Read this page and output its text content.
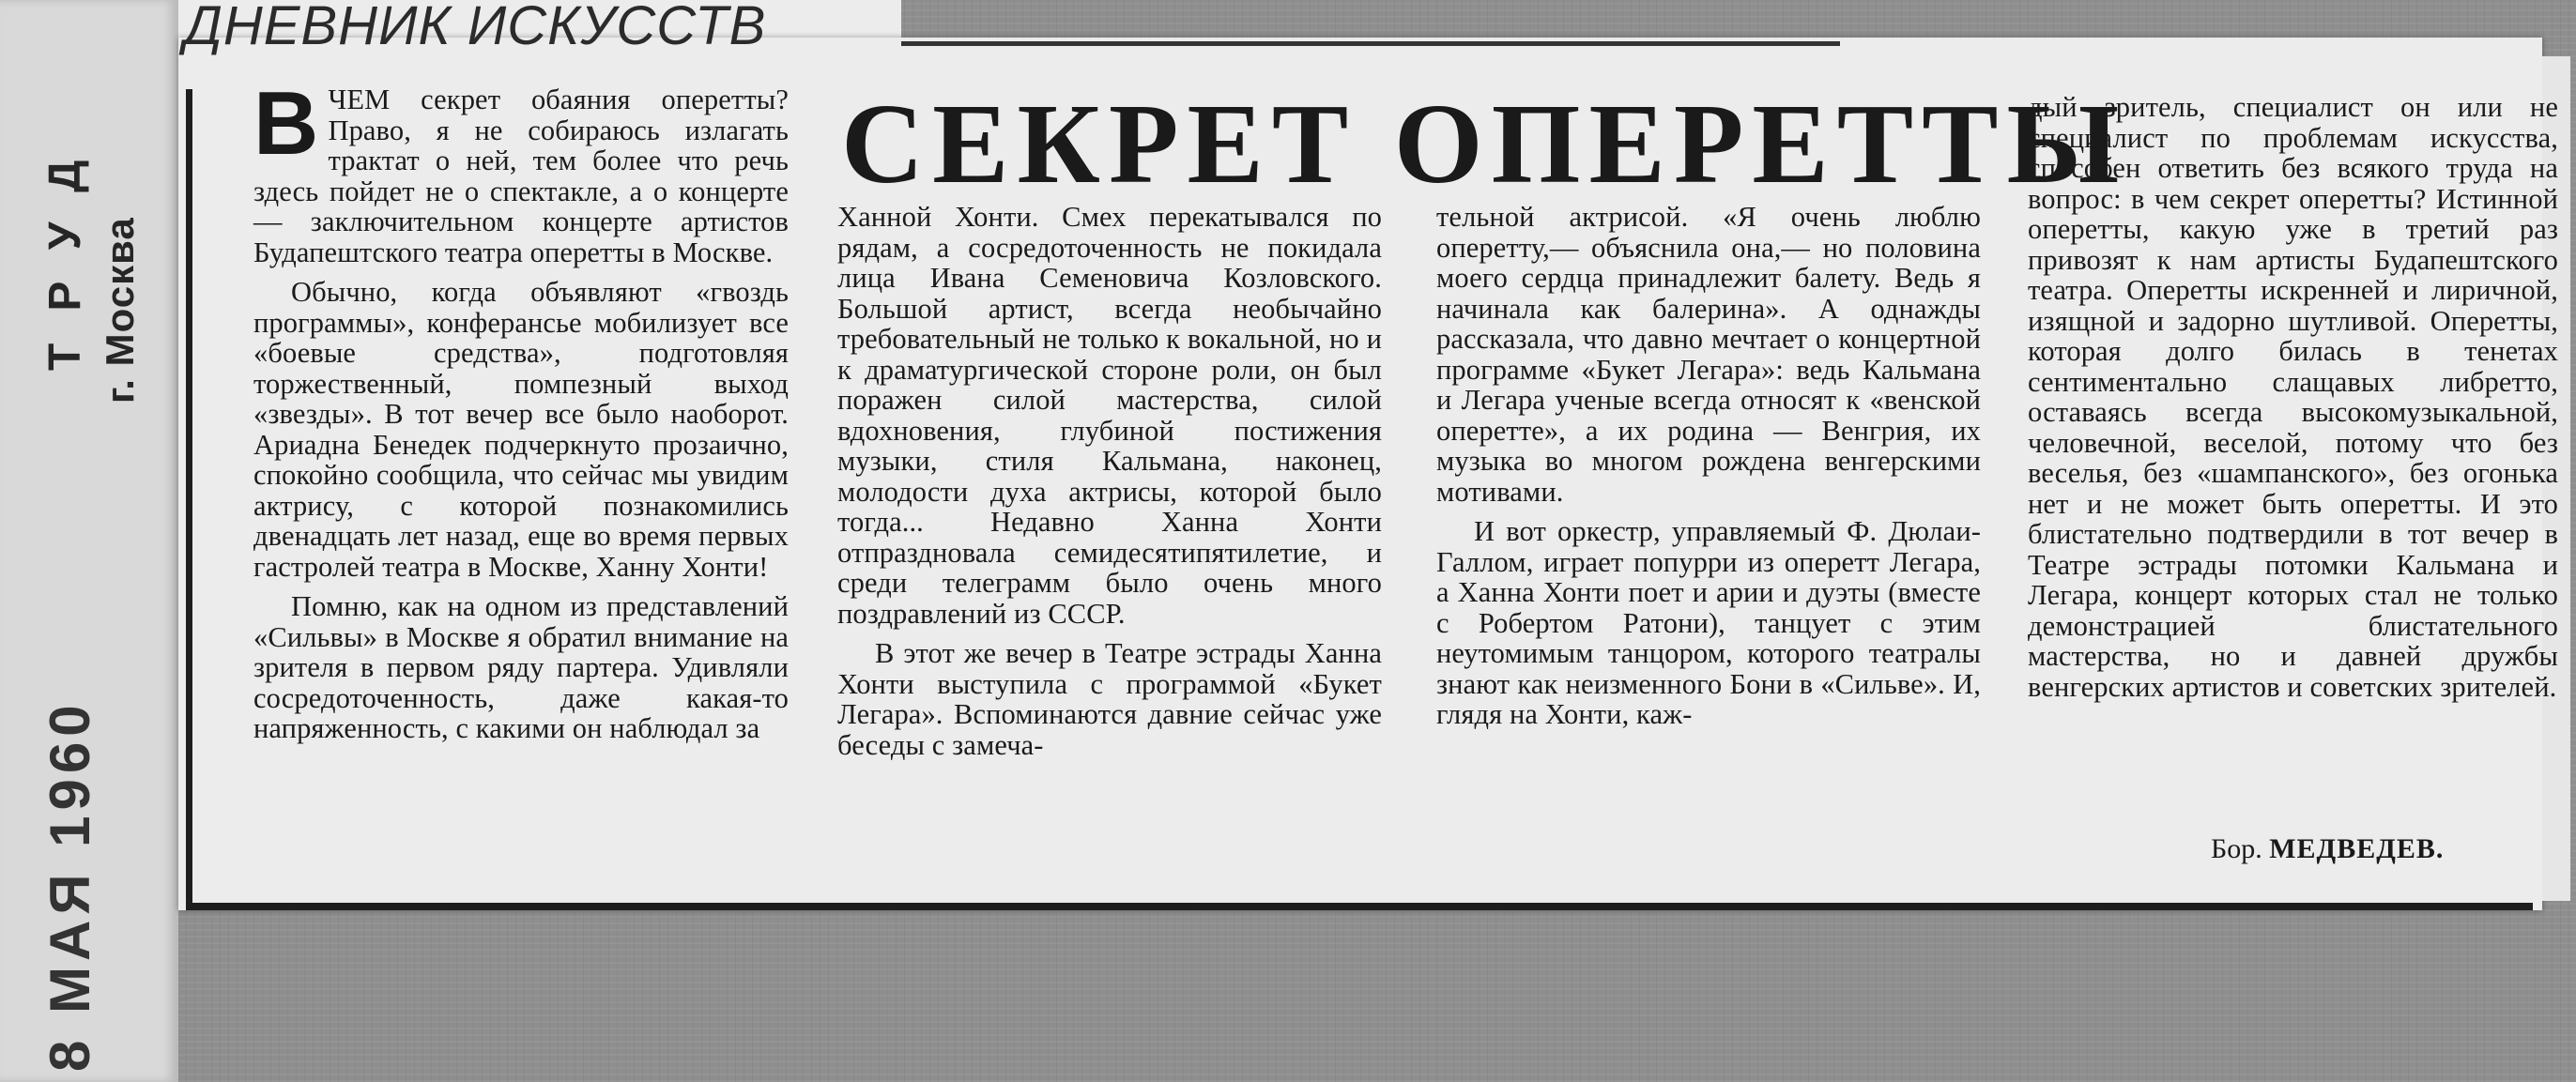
ТРУД г. Москва
8 МАЯ 1960
ДНЕВНИК ИСКУССТВ
СЕКРЕТ ОПЕРЕТТЫ

ВЧЕМ секрет обаяния оперетты? Право, я не собираюсь излагать трактат о ней, тем более что речь здесь пойдет не о спектакле, а о концерте — заключительном концерте артистов Будапештского театра оперетты в Москве.

Обычно, когда объявляют «гвоздь программы», конферансье мобилизует все «боевые средства», подготовляя торжественный, помпезный выход «звезды». В тот вечер все было наоборот. Ариадна Бенедек подчеркнуто прозаично, спокойно сообщила, что сейчас мы увидим актрису, с которой познакомились двенадцать лет назад, еще во время первых гастролей театра в Москве, Ханну Хонти!

Помню, как на одном из представлений «Сильвы» в Москве я обратил внимание на зрителя в первом ряду партера. Удивляли сосредоточенность, даже какая-то напряженность, с какими он наблюдал за

Ханной Хонти. Смех перекатывался по рядам, а сосредоточенность не покидала лица Ивана Семеновича Козловского. Большой артист, всегда необычайно требовательный не только к вокальной, но и к драматургической стороне роли, он был поражен силой мастерства, силой вдохновения, глубиной постижения музыки, стиля Кальмана, наконец, молодости духа актрисы, которой было тогда... Недавно Ханна Хонти отпраздновала семидесятипятилетие, и среди телеграмм было очень много поздравлений из СССР.

В этот же вечер в Театре эстрады Ханна Хонти выступила с программой «Букет Легара». Вспоминаются давние сейчас уже беседы с замеча-

тельной актрисой. «Я очень люблю оперетту,— объяснила она,— но половина моего сердца принадлежит балету. Ведь я начинала как балерина». А однажды рассказала, что давно мечтает о концертной программе «Букет Легара»: ведь Кальмана и Легара ученые всегда относят к «венской оперетте», а их родина — Венгрия, их музыка во многом рождена венгерскими мотивами.

И вот оркестр, управляемый Ф. Дюлаи-Галлом, играет попурри из оперетт Легара, а Ханна Хонти поет и арии и дуэты (вместе с Робертом Ратони), танцует с этим неутомимым танцором, которого театралы знают как неизменного Бони в «Сильве». И, глядя на Хонти, каж-

дый зритель, специалист он или не специалист по проблемам искусства, способен ответить без всякого труда на вопрос: в чем секрет оперетты? Истинной оперетты, какую уже в третий раз привозят к нам артисты Будапештского театра. Оперетты искренней и лиричной, изящной и задорно шутливой. Оперетты, которая долго билась в тенетах сентиментально слащавых либретто, оставаясь всегда высокомузыкальной, человечной, веселой, потому что без веселья, без «шампанского», без огонька нет и не может быть оперетты. И это блистательно подтвердили в тот вечер в Театре эстрады потомки Кальмана и Легара, концерт которых стал не только демонстрацией блистательного мастерства, но и давней дружбы венгерских артистов и советских зрителей.

Бор. МЕДВЕДЕВ.
